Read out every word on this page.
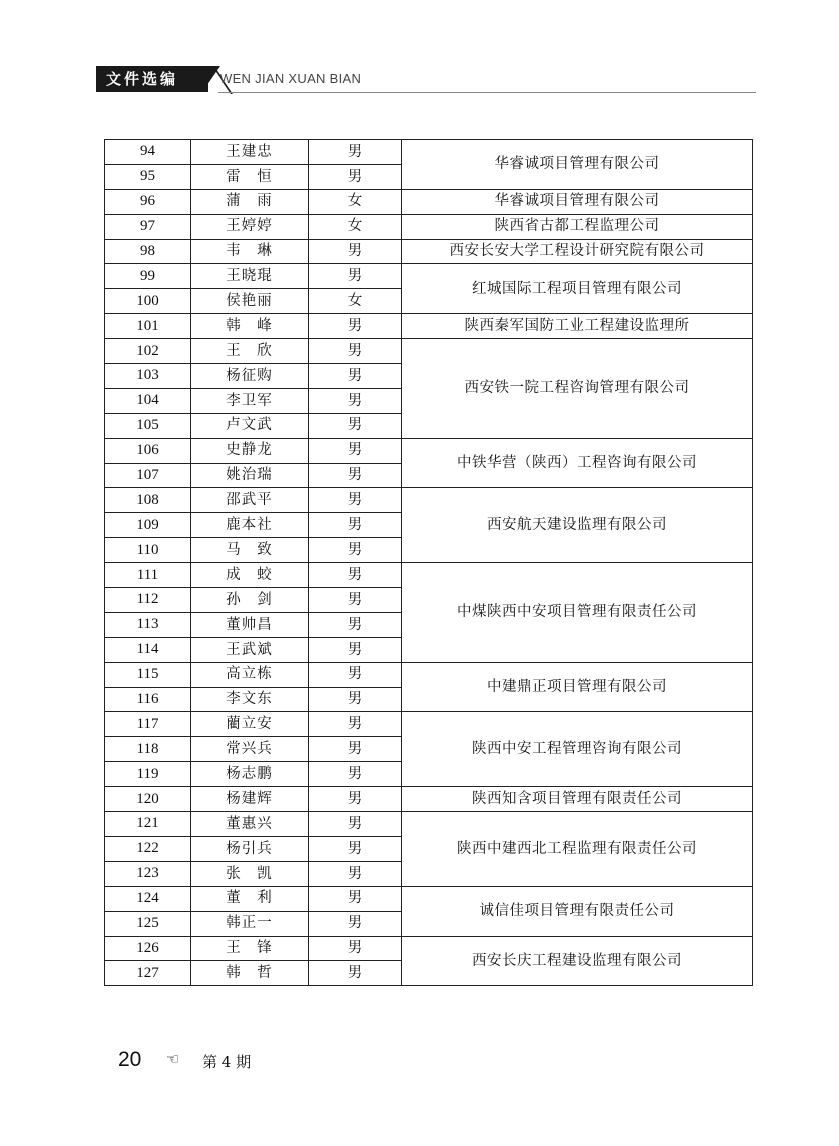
文件选编	WEN JIAN XUAN BIAN
94	王建忠	男	华睿诚项目管理有限公司
95	雷　恒	男	
96	蒲　雨	女	华睿诚项目管理有限公司
97	王婷婷	女	陕西省古都工程监理公司
98	韦　琳	男	西安长安大学工程设计研究院有限公司
99	王晓琨	男	红城国际工程项目管理有限公司
100	侯艳丽	女	
101	韩　峰	男	陕西秦军国防工业工程建设监理所
102	王　欣	男	西安铁一院工程咨询管理有限公司
103	杨征购	男	
104	李卫军	男	
105	卢文武	男	
106	史静龙	男	中铁华营（陕西）工程咨询有限公司
107	姚治瑞	男	
108	邵武平	男	西安航天建设监理有限公司
109	鹿本社	男	
110	马　致	男	
111	成　蛟	男	中煤陕西中安项目管理有限责任公司
112	孙　剑	男	
113	董帅昌	男	
114	王武斌	男	
115	高立栋	男	中建鼎正项目管理有限公司
116	李文东	男	
117	藺立安	男	陕西中安工程管理咨询有限公司
118	常兴兵	男	
119	杨志鹏	男	
120	杨建辉	男	陕西知含项目管理有限责任公司
121	董惠兴	男	陕西中建西北工程监理有限责任公司
122	杨引兵	男	
123	张　凯	男	
124	董　利	男	诚信佳项目管理有限责任公司
125	韩正一	男	
126	王　锋	男	西安长庆工程建设监理有限公司
127	韩　哲	男	
20 ☜ 第 4 期
